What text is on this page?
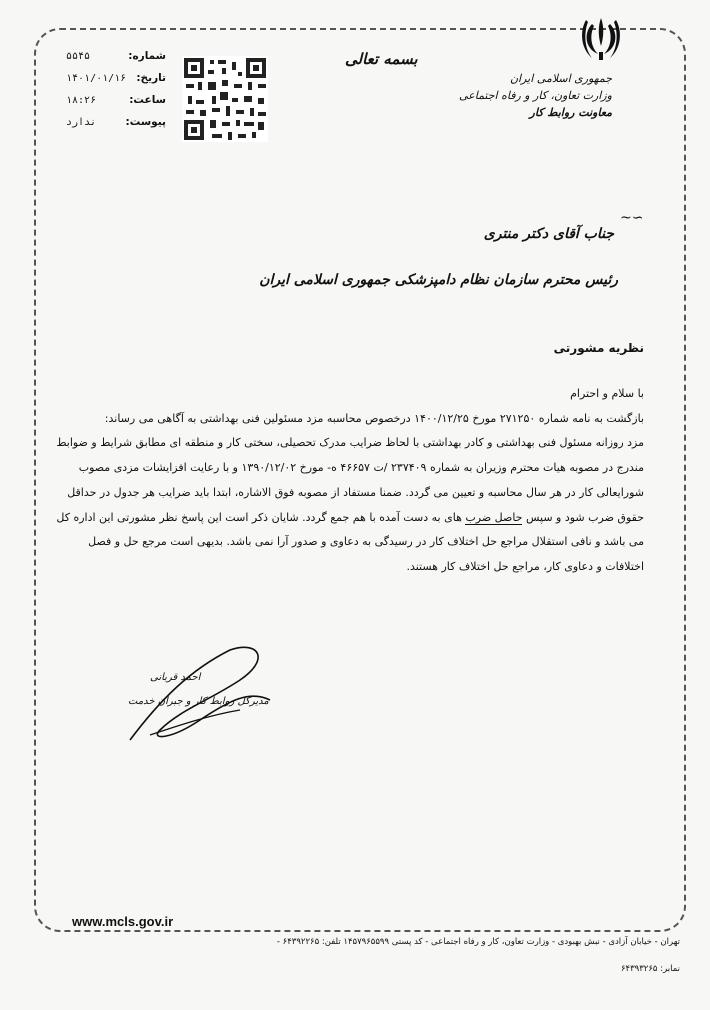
جمهوری اسلامی ایران
وزارت تعاون، کار و رفاه اجتماعی
معاونت روابط کار
بسمه تعالی
شماره:
۵۵۴۵
تاریخ:
۱۴۰۱/۰۱/۱۶
ساعت:
۱۸:۲۶
پیوست:
ندارد
~∽
جناب آقای دکتر منتری
رئیس محترم سازمان نظام دامپزشکی جمهوری اسلامی ایران
نظریه مشورتی

با سلام و احترام

بازگشت به نامه شماره ۲۷۱۲۵۰ مورخ ۱۴۰۰/۱۲/۲۵ درخصوص محاسبه مزد مسئولین فنی بهداشتی به آگاهی می رساند:

مزد روزانه مسئول فنی بهداشتی و کادر بهداشتی با لحاظ ضرایب مدرک تحصیلی، سختی کار و منطقه ای مطابق شرایط و ضوابط مندرج در مصوبه هیات محترم وزیران به شماره ۲۳۷۴۰۹ /ت ۴۶۶۵۷ ه- مورخ ۱۳۹۰/۱۲/۰۲ و با رعایت افزایشات مزدی مصوب شورایعالی کار در هر سال محاسبه و تعیین می گردد. ضمنا مستفاد از مصوبه فوق الاشاره، ابتدا باید ضرایب هر جدول در حداقل حقوق ضرب شود و سپس حاصل ضرب های به دست آمده با هم جمع گردد. شایان ذکر است این پاسخ نظر مشورتی این اداره کل می باشد و نافی استقلال مراجع حل اختلاف کار در رسیدگی به دعاوی و صدور آرا نمی باشد. بدیهی است مرجع حل و فصل اختلافات و دعاوی کار، مراجع حل اختلاف کار هستند.

احمد قربانی
مدیرکل روابط کار و جبران خدمت
www.mcls.gov.ir
تهران - خیابان آزادی - نبش بهبودی - وزارت تعاون، کار و رفاه اجتماعی - کد پستی ۱۴۵۷۹۶۵۵۹۹ تلفن: ۶۴۳۹۲۲۶۵ -
نمابر: ۶۴۳۹۳۲۶۵
